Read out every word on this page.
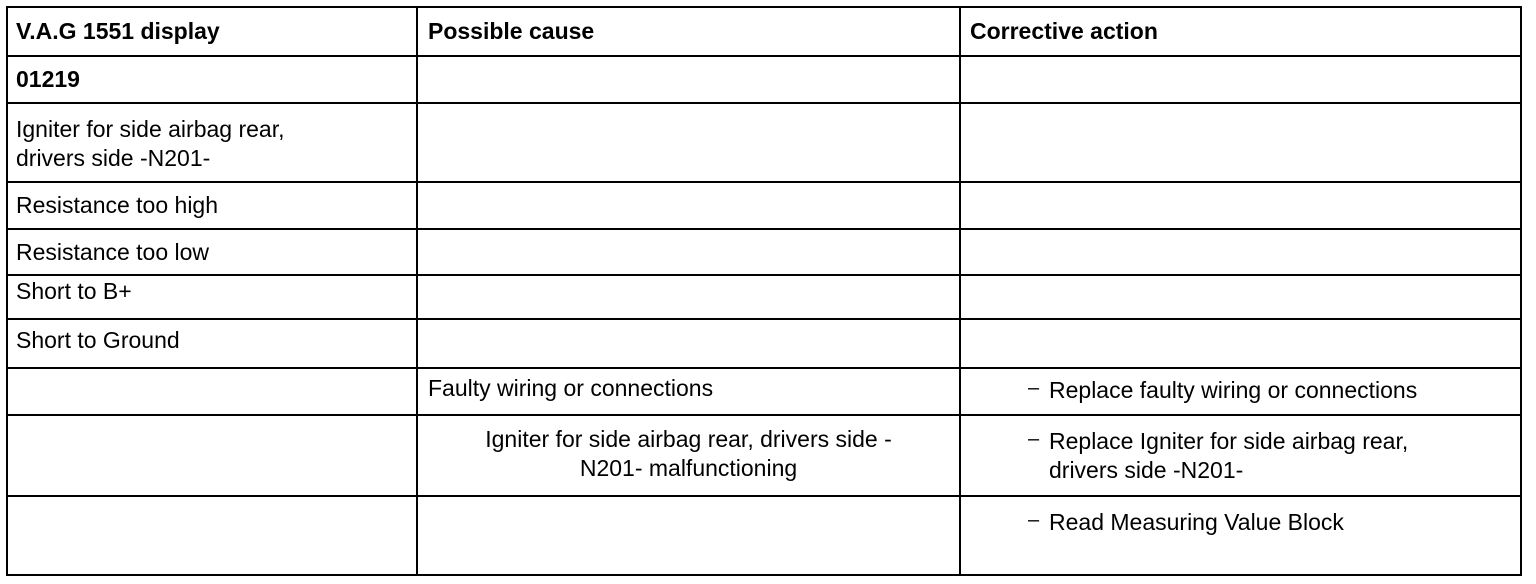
V.A.G 1551 display	Possible cause	Corrective action
01219
Igniter for side airbag rear,
drivers side -N201-
Resistance too high
Resistance too low
Short to B+
Short to Ground
Faulty wiring or connections
Igniter for side airbag rear, drivers side -
N201- malfunctioning
– Replace faulty wiring or connections
– Replace Igniter for side airbag rear,
drivers side -N201-
– Read Measuring Value Block
